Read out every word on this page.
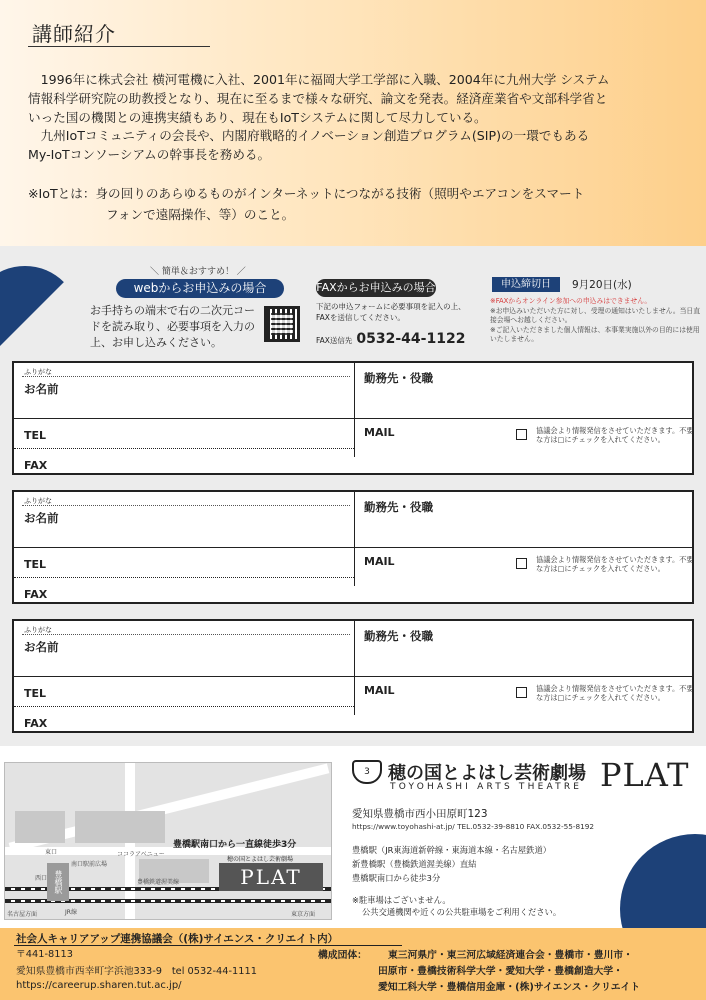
講師紹介
　1996年に株式会社 横河電機に入社、2001年に福岡大学工学部に入職、2004年に九州大学 システム
情報科学研究院の助教授となり、現在に至るまで様々な研究、論文を発表。経済産業省や文部科学省と
いった国の機関との連携実績もあり、現在もIoTシステムに関して尽力している。
　九州IoTコミュニティの会長や、内閣府戦略的イノベーション創造プログラム(SIP)の一環でもある
My-IoTコンソーシアムの幹事長を務める。
※IoTとは：身の回りのあらゆるものがインターネットにつながる技術（照明やエアコンをスマート
フォンで遠隔操作、等）のこと。
＼ 簡単＆おすすめ！ ／
webからお申込みの場合
お手持ちの端末で右の二次元コードを読み取り、必要事項を入力の上、お申し込みください。
FAXからお申込みの場合
下記の申込フォームに必要事項を記入の上、FAXを送信してください。
FAX送信先 0532-44-1122
申込締切日	9月20日(水)
※FAXからオンライン参加への申込みはできません。
※お申込みいただいた方に対し、受理の通知はいたしません。当日直接会場へお越しください。
※ご記入いただきました個人情報は、本事業実施以外の目的には使用いたしません。
ふりがな
お名前
勤務先・役職
TEL	MAIL
FAX
協議会より情報発信をさせていただきます。不要な方は□にチェックを入れてください。
ふりがな
お名前
勤務先・役職
TEL	MAIL
FAX
協議会より情報発信をさせていただきます。不要な方は□にチェックを入れてください。
ふりがな
お名前
勤務先・役職
TEL	MAIL
FAX
協議会より情報発信をさせていただきます。不要な方は□にチェックを入れてください。
豊橋駅
東口
南口駅前広場
豊橋鉄道渥美線
JR線
名古屋方面	東京方面
西口
ココラアベニュー
豊橋駅南口から一直線徒歩3分
穂の国とよはし芸術劇場
PLAT
3	穂の国とよはし芸術劇場
TOYOHASHI ARTS THEATRE PLAT
愛知県豊橋市西小田原町123
https://www.toyohashi-at.jp/ TEL.0532-39-8810 FAX.0532-55-8192
豊橋駅（JR東海道新幹線・東海道本線・名古屋鉄道）
新豊橋駅（豊橋鉄道渥美線）直結
豊橋駅南口から徒歩3分
※駐車場はございません。
公共交通機関や近くの公共駐車場をご利用ください。
社会人キャリアアップ連携協議会（(株)サイエンス・クリエイト内）
〒441-8113
愛知県豊橋市西幸町字浜池333-9　tel 0532-44-1111
https://careerup.sharen.tut.ac.jp/
構成団体： 東三河県庁・東三河広域経済連合会・豊橋市・豊川市・
田原市・豊橋技術科学大学・愛知大学・豊橋創造大学・
愛知工科大学・豊橋信用金庫・(株)サイエンス・クリエイト
